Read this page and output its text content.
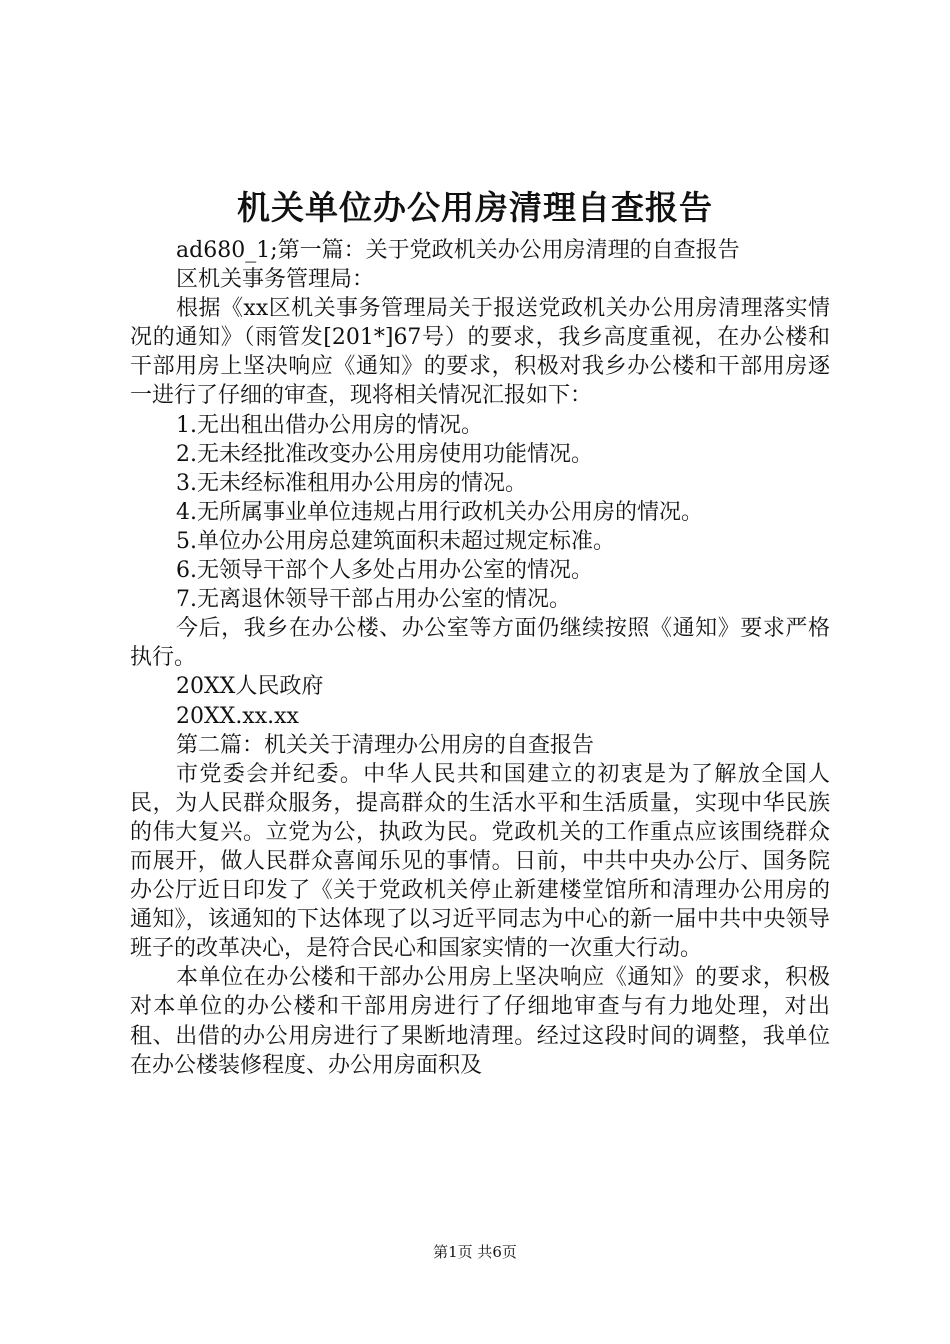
机关单位办公用房清理自查报告

ad680_1;第一篇：关于党政机关办公用房清理的自查报告

区机关事务管理局：

根据《xx区机关事务管理局关于报送党政机关办公用房清理落实情况的通知》（雨管发[201*]67号）的要求，我乡高度重视，在办公楼和干部用房上坚决响应《通知》的要求，积极对我乡办公楼和干部用房逐一进行了仔细的审查，现将相关情况汇报如下：

1.无出租出借办公用房的情况。

2.无未经批准改变办公用房使用功能情况。

3.无未经标准租用办公用房的情况。

4.无所属事业单位违规占用行政机关办公用房的情况。

5.单位办公用房总建筑面积未超过规定标准。

6.无领导干部个人多处占用办公室的情况。

7.无离退休领导干部占用办公室的情况。

今后，我乡在办公楼、办公室等方面仍继续按照《通知》要求严格执行。

20XX人民政府

20XX.xx.xx

第二篇：机关关于清理办公用房的自查报告

市党委会并纪委。中华人民共和国建立的初衷是为了解放全国人民，为人民群众服务，提高群众的生活水平和生活质量，实现中华民族的伟大复兴。立党为公，执政为民。党政机关的工作重点应该围绕群众而展开，做人民群众喜闻乐见的事情。日前，中共中央办公厅、国务院办公厅近日印发了《关于党政机关停止新建楼堂馆所和清理办公用房的通知》，该通知的下达体现了以习近平同志为中心的新一届中共中央领导班子的改革决心，是符合民心和国家实情的一次重大行动。

本单位在办公楼和干部办公用房上坚决响应《通知》的要求，积极对本单位的办公楼和干部用房进行了仔细地审查与有力地处理，对出租、出借的办公用房进行了果断地清理。经过这段时间的调整，我单位在办公楼装修程度、办公用房面积及

第1页 共6页
